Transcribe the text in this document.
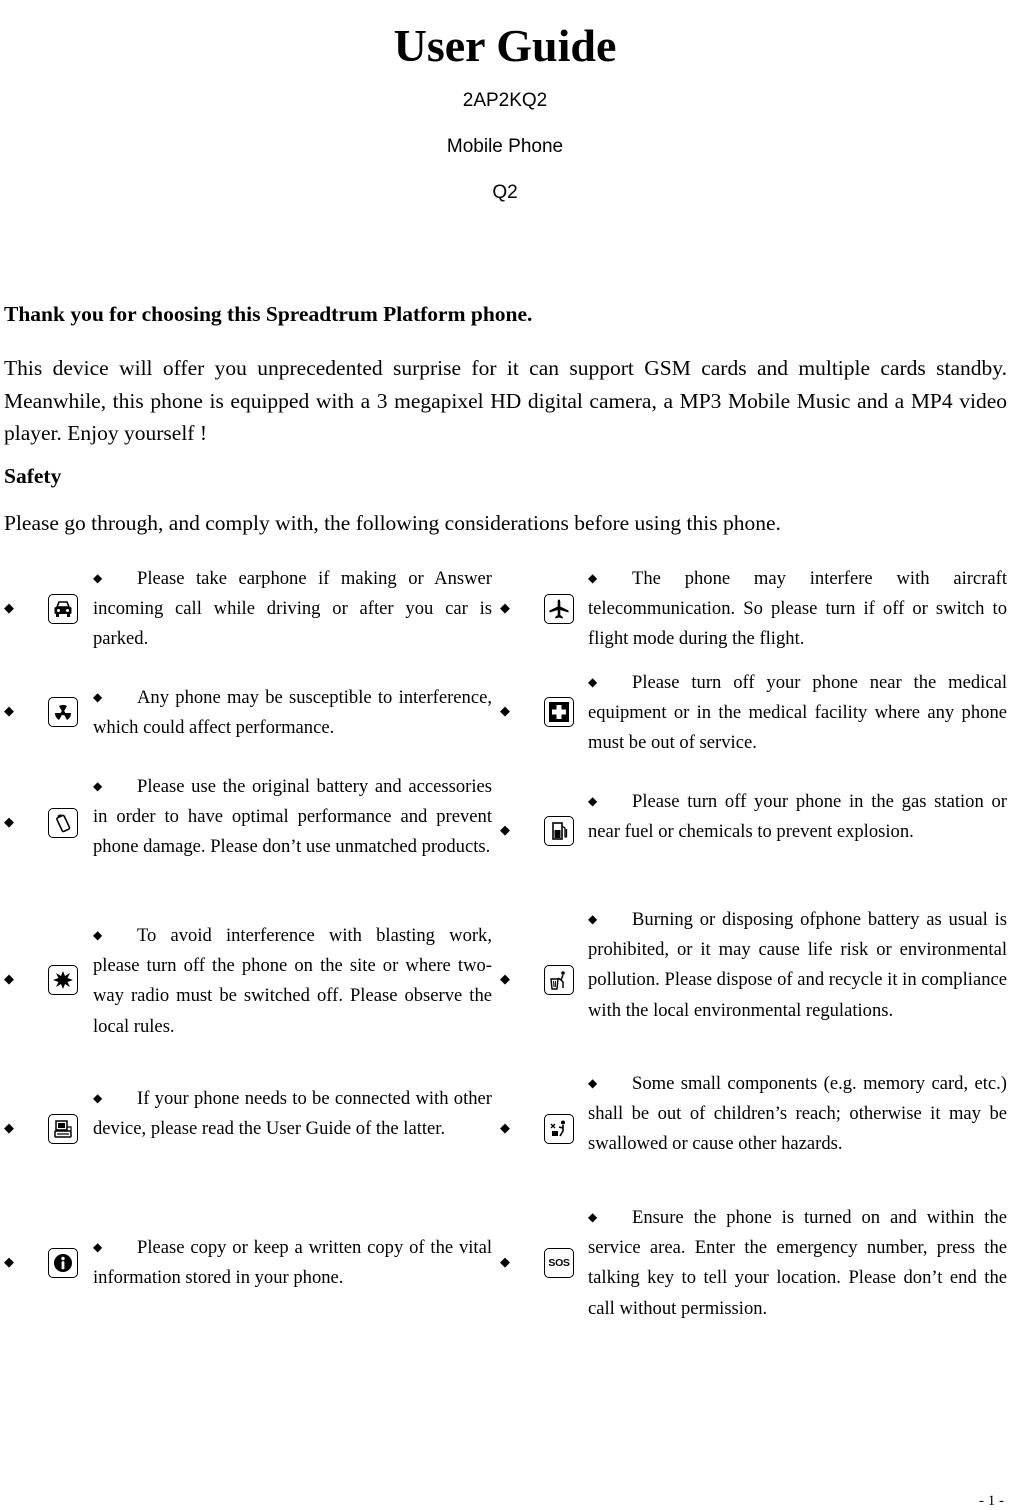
User Guide
2AP2KQ2
Mobile Phone
Q2
Thank you for choosing this Spreadtrum Platform phone.
This device will offer you unprecedented surprise for it can support GSM cards and multiple cards standby. Meanwhile, this phone is equipped with a 3 megapixel HD digital camera, a MP3 Mobile Music and a MP4 video player. Enjoy yourself !
Safety
Please go through, and comply with, the following considerations before using this phone.
◆
◆ Please take earphone if making or Answer incoming call while driving or after you car is parked.
◆
◆ Any phone may be susceptible to interference, which could affect performance.
◆
◆ Please use the original battery and accessories in order to have optimal performance and prevent phone damage. Please don’t use unmatched products.
◆
◆ To avoid interference with blasting work, please turn off the phone on the site or where two-way radio must be switched off. Please observe the local rules.
◆
◆ If your phone needs to be connected with other device, please read the User Guide of the latter.
◆
◆ Please copy or keep a written copy of the vital information stored in your phone.
◆
◆ The phone may interfere with aircraft telecommunication. So please turn if off or switch to flight mode during the flight.
◆
◆ Please turn off your phone near the medical equipment or in the medical facility where any phone must be out of service.
◆
◆ Please turn off your phone in the gas station or near fuel or chemicals to prevent explosion.
◆
◆ Burning or disposing ofphone battery as usual is prohibited, or it may cause life risk or environmental pollution. Please dispose of and recycle it in compliance with the local environmental regulations.
◆
◆ Some small components (e.g. memory card, etc.) shall be out of children’s reach; otherwise it may be swallowed or cause other hazards.
◆	SOS
◆ Ensure the phone is turned on and within the service area. Enter the emergency number, press the talking key to tell your location. Please don’t end the call without permission.
- 1 -
